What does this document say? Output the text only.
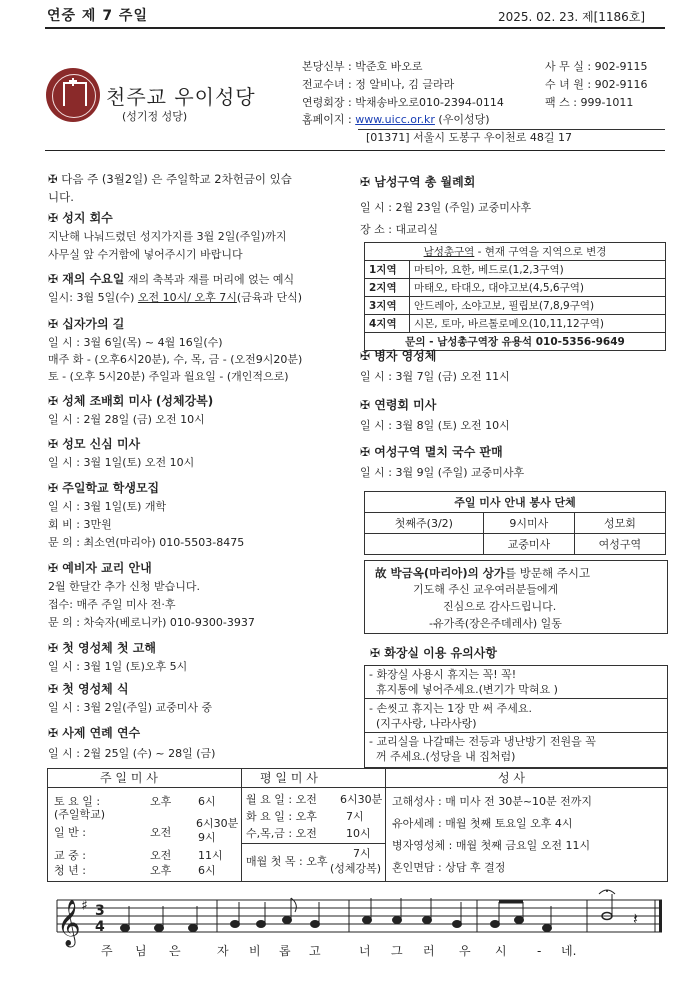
연중 제 7 주일	2025. 02. 23. 제[1186호]
천주교 우이성당
(성기정 성당)
본당신부 : 박준호 바오로
전교수녀 : 정 알비나, 김 글라라
연령회장 : 박채송바오로010-2394-0114
홈페이지 : www.uicc.or.kr (우이성당)
[01371] 서울시 도봉구 우이천로 48길 17
사 무 실 : 902-9115
수 녀 원 : 902-9116
팩 스 : 999-1011
✠ 다음 주 (3월2일) 은 주일학교 2차헌금이 있습
니다.
✠ 성지 회수
지난해 나눠드렸던 성지가지를 3월 2일(주일)까지
사무실 앞 수거함에 넣어주시기 바랍니다
✠ 재의 수요일 재의 축복과 재를 머리에 얹는 예식
일시: 3월 5일(수) 오전 10시/ 오후 7시(금육과 단식)
✠ 십자가의 길
일 시 : 3월 6일(목) ~ 4월 16일(수)
매주 화 - (오후6시20분), 수, 목, 금 - (오전9시20분)
토 - (오후 5시20분) 주일과 월요일 - (개인적으로)
✠ 성체 조배회 미사 (성체강복)
일 시 : 2월 28일 (금) 오전 10시
✠ 성모 신심 미사
일 시 : 3월 1일(토) 오전 10시
✠ 주일학교 학생모집
일 시 : 3월 1일(토) 개학
회 비 : 3만원
문 의 : 최소연(마리아) 010-5503-8475
✠ 예비자 교리 안내
2월 한달간 추가 신청 받습니다.
접수: 매주 주일 미사 전·후
문 의 : 차숙자(베로니카) 010-9300-3937
✠ 첫 영성체 첫 고해
일 시 : 3월 1일 (토)오후 5시
✠ 첫 영성체 식
일 시 : 3월 2일(주일) 교중미사 중
✠ 사제 연례 연수
일 시 : 2월 25일 (수) ~ 28일 (금)
✠ 남성구역 총 월례회
일 시 : 2월 23일 (주일) 교중미사후
장 소 : 대교리실
남성총구역 - 현재 구역을 지역으로 변경	
1지역	마티아, 요한, 베드로(1,2,3구역)
2지역	마태오, 타대오, 대야고보(4,5,6구역)
3지역	안드레아, 소야고보, 필립보(7,8,9구역)
4지역	시몬, 토마, 바르톨로메오(10,11,12구역)
문의 - 남성총구역장 유용석 010-5356-9649	
✠ 병자 영성체
일 시 : 3월 7일 (금) 오전 11시
✠ 연령회 미사
일 시 : 3월 8일 (토) 오전 10시
✠ 여성구역 멸치 국수 판매
일 시 : 3월 9일 (주일) 교중미사후
주일 미사 안내 봉사 단체		
첫째주(3/2)	9시미사	성모회
	교중미사	여성구역
故 박금옥(마리아)의 상가를 방문해 주시고
기도해 주신 교우여러분들에게
진심으로 감사드립니다.
-유가족(장은주데레사) 일동
✠ 화장실 이용 유의사항
- 화장실 사용시 휴지는 꼭! 꼭!
휴지통에 넣어주세요.(변기가 막혀요 )
- 손씻고 휴지는 1장 만 써 주세요.
(지구사랑, 나라사랑)
- 교리실을 나갈때는 전등과 냉난방기 전원을 꼭
꺼 주세요.(성당을 내 집처럼)
주 일 미 사	평 일 미 사	성 사
토 요 일 :
(주일학교)
오후 6시
일 반 :	오전
6시30분
9시
교 중 :	오전 11시
청 년 :	오후 6시
월 요 일 : 오전 6시30분
화 요 일 : 오후	7시
수,목,금 : 오전	10시
매월 첫 목 : 오후
7시
(성체강복)
고해성사 : 매 미사 전 30분~10분 전까지
유아세례 : 매월 첫째 토요일 오후 4시
병자영성체 : 매월 첫째 금요일 오전 11시
혼인면담 : 상담 후 결정
𝄞 ♯ 3
4	𝄽
주 님 은	자 비 롭 고	너 그 러 우 시	- 네.
